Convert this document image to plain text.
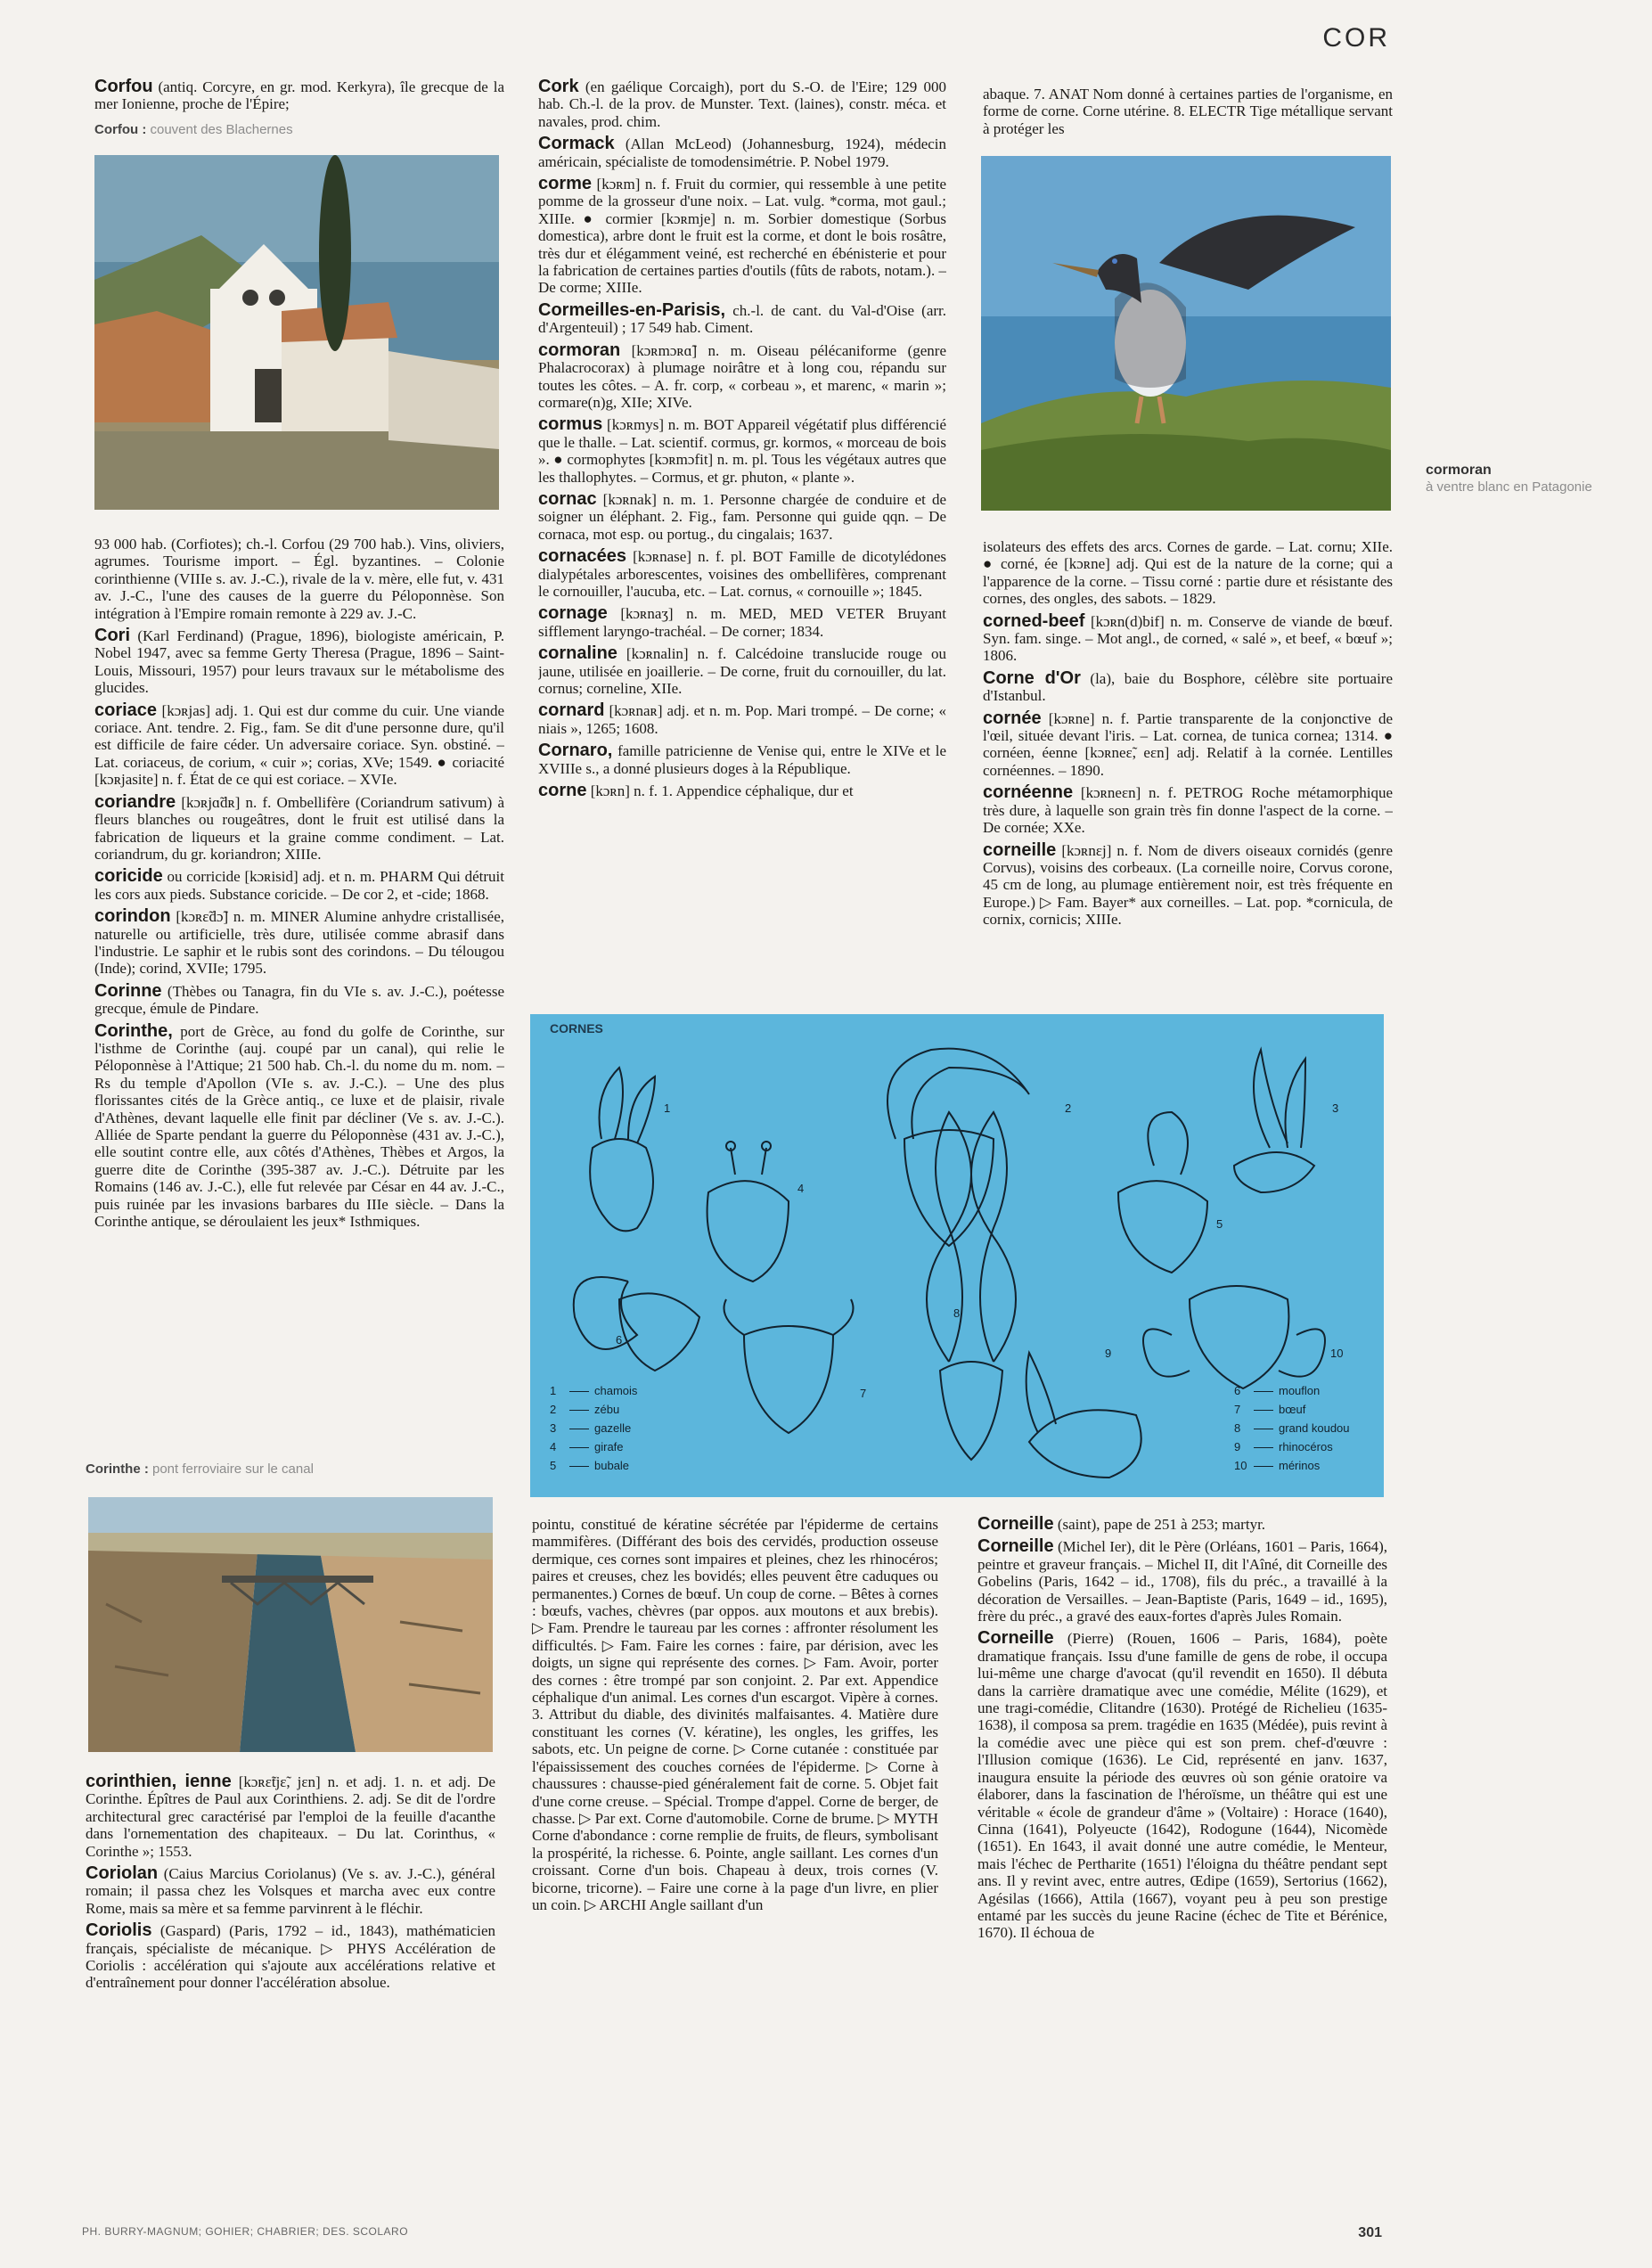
COR
Corfou (antiq. Corcyre, en gr. mod. Kerkyra), île grecque de la mer Ionienne, proche de l'Épire;
Corfou : couvent des Blachernes
93 000 hab. (Corfiotes); ch.-l. Corfou (29 700 hab.). Vins, oliviers, agrumes. Tourisme import. – Égl. byzantines. – Colonie corinthienne (VIIIe s. av. J.-C.), rivale de la v. mère, elle fut, v. 431 av. J.-C., l'une des causes de la guerre du Péloponnèse. Son intégration à l'Empire romain remonte à 229 av. J.-C.
Cori (Karl Ferdinand) (Prague, 1896), biologiste américain, P. Nobel 1947, avec sa femme Gerty Theresa (Prague, 1896 – Saint-Louis, Missouri, 1957) pour leurs travaux sur le métabolisme des glucides.
coriace [kɔʀjas] adj. 1. Qui est dur comme du cuir. Une viande coriace. Ant. tendre. 2. Fig., fam. Se dit d'une personne dure, qu'il est difficile de faire céder. Un adversaire coriace. Syn. obstiné. – Lat. coriaceus, de corium, « cuir »; corias, XVe; 1549. ● coriacité [kɔʀjasite] n. f. État de ce qui est coriace. – XVIe.
coriandre [kɔʀjɑ̃dʀ] n. f. Ombellifère (Coriandrum sativum) à fleurs blanches ou rougeâtres, dont le fruit est utilisé dans la fabrication de liqueurs et la graine comme condiment. – Lat. coriandrum, du gr. koriandron; XIIIe.
coricide ou corricide [kɔʀisid] adj. et n. m. PHARM Qui détruit les cors aux pieds. Substance coricide. – De cor 2, et -cide; 1868.
corindon [kɔʀɛ̃dɔ̃] n. m. MINER Alumine anhydre cristallisée, naturelle ou artificielle, très dure, utilisée comme abrasif dans l'industrie. Le saphir et le rubis sont des corindons. – Du télougou (Inde); corind, XVIIe; 1795.
Corinne (Thèbes ou Tanagra, fin du VIe s. av. J.-C.), poétesse grecque, émule de Pindare.
Corinthe, port de Grèce, au fond du golfe de Corinthe, sur l'isthme de Corinthe (auj. coupé par un canal), qui relie le Péloponnèse à l'Attique; 21 500 hab. Ch.-l. du nome du m. nom. – Rs du temple d'Apollon (VIe s. av. J.-C.). – Une des plus florissantes cités de la Grèce antiq., ce luxe et de plaisir, rivale d'Athènes, devant laquelle elle finit par décliner (Ve s. av. J.-C.). Alliée de Sparte pendant la guerre du Péloponnèse (431 av. J.-C.), elle soutint contre elle, aux côtés d'Athènes, Thèbes et Argos, la guerre dite de Corinthe (395-387 av. J.-C.). Détruite par les Romains (146 av. J.-C.), elle fut relevée par César en 44 av. J.-C., puis ruinée par les invasions barbares du IIIe siècle. – Dans la Corinthe antique, se déroulaient les jeux* Isthmiques.
Corinthe : pont ferroviaire sur le canal
corinthien, ienne [kɔʀɛ̃tjɛ̃, jɛn] n. et adj. 1. n. et adj. De Corinthe. Épîtres de Paul aux Corinthiens. 2. adj. Se dit de l'ordre architectural grec caractérisé par l'emploi de la feuille d'acanthe dans l'ornementation des chapiteaux. – Du lat. Corinthus, « Corinthe »; 1553.
Coriolan (Caius Marcius Coriolanus) (Ve s. av. J.-C.), général romain; il passa chez les Volsques et marcha avec eux contre Rome, mais sa mère et sa femme parvinrent à le fléchir.
Coriolis (Gaspard) (Paris, 1792 – id., 1843), mathématicien français, spécialiste de mécanique. ▷ PHYS Accélération de Coriolis : accélération qui s'ajoute aux accélérations relative et d'entraînement pour donner l'accélération absolue.
Cork (en gaélique Corcaigh), port du S.-O. de l'Eire; 129 000 hab. Ch.-l. de la prov. de Munster. Text. (laines), constr. méca. et navales, prod. chim.
Cormack (Allan McLeod) (Johannesburg, 1924), médecin américain, spécialiste de tomodensimétrie. P. Nobel 1979.
corme [kɔʀm] n. f. Fruit du cormier, qui ressemble à une petite pomme de la grosseur d'une noix. – Lat. vulg. *corma, mot gaul.; XIIIe. ● cormier [kɔʀmje] n. m. Sorbier domestique (Sorbus domestica), arbre dont le fruit est la corme, et dont le bois rosâtre, très dur et élégamment veiné, est recherché en ébénisterie et pour la fabrication de certaines parties d'outils (fûts de rabots, notam.). – De corme; XIIIe.
Cormeilles-en-Parisis, ch.-l. de cant. du Val-d'Oise (arr. d'Argenteuil) ; 17 549 hab. Ciment.
cormoran [kɔʀmɔʀɑ̃] n. m. Oiseau pélécaniforme (genre Phalacrocorax) à plumage noirâtre et à long cou, répandu sur toutes les côtes. – A. fr. corp, « corbeau », et marenc, « marin »; cormare(n)g, XIIe; XIVe.
cormus [kɔʀmys] n. m. BOT Appareil végétatif plus différencié que le thalle. – Lat. scientif. cormus, gr. kormos, « morceau de bois ». ● cormophytes [kɔʀmɔfit] n. m. pl. Tous les végétaux autres que les thallophytes. – Cormus, et gr. phuton, « plante ».
cornac [kɔʀnak] n. m. 1. Personne chargée de conduire et de soigner un éléphant. 2. Fig., fam. Personne qui guide qqn. – De cornaca, mot esp. ou portug., du cingalais; 1637.
cornacées [kɔʀnase] n. f. pl. BOT Famille de dicotylédones dialypétales arborescentes, voisines des ombellifères, comprenant le cornouiller, l'aucuba, etc. – Lat. cornus, « cornouille »; 1845.
cornage [kɔʀnaʒ] n. m. MED, MED VETER Bruyant sifflement laryngo-trachéal. – De corner; 1834.
cornaline [kɔʀnalin] n. f. Calcédoine translucide rouge ou jaune, utilisée en joaillerie. – De corne, fruit du cornouiller, du lat. cornus; corneline, XIIe.
cornard [kɔʀnaʀ] adj. et n. m. Pop. Mari trompé. – De corne; « niais », 1265; 1608.
Cornaro, famille patricienne de Venise qui, entre le XIVe et le XVIIIe s., a donné plusieurs doges à la République.
corne [kɔʀn] n. f. 1. Appendice céphalique, dur et
CORNES
1	2	3
4
5
6
7
8
9	10
1	chamois
2	zébu
3	gazelle
4	girafe
5	bubale
6	mouflon
7	bœuf
8	grand koudou
9	rhinocéros
10	mérinos
pointu, constitué de kératine sécrétée par l'épiderme de certains mammifères. (Différant des bois des cervidés, production osseuse dermique, ces cornes sont impaires et pleines, chez les rhinocéros; paires et creuses, chez les bovidés; elles peuvent être caduques ou permanentes.) Cornes de bœuf. Un coup de corne. – Bêtes à cornes : bœufs, vaches, chèvres (par oppos. aux moutons et aux brebis). ▷ Fam. Prendre le taureau par les cornes : affronter résolument les difficultés. ▷ Fam. Faire les cornes : faire, par dérision, avec les doigts, un signe qui représente des cornes. ▷ Fam. Avoir, porter des cornes : être trompé par son conjoint. 2. Par ext. Appendice céphalique d'un animal. Les cornes d'un escargot. Vipère à cornes. 3. Attribut du diable, des divinités malfaisantes. 4. Matière dure constituant les cornes (V. kératine), les ongles, les griffes, les sabots, etc. Un peigne de corne. ▷ Corne cutanée : constituée par l'épaississement des couches cornées de l'épiderme. ▷ Corne à chaussures : chausse-pied généralement fait de corne. 5. Objet fait d'une corne creuse. – Spécial. Trompe d'appel. Corne de berger, de chasse. ▷ Par ext. Corne d'automobile. Corne de brume. ▷ MYTH Corne d'abondance : corne remplie de fruits, de fleurs, symbolisant la prospérité, la richesse. 6. Pointe, angle saillant. Les cornes d'un croissant. Corne d'un bois. Chapeau à deux, trois cornes (V. bicorne, tricorne). – Faire une corne à la page d'un livre, en plier un coin. ▷ ARCHI Angle saillant d'un
abaque. 7. ANAT Nom donné à certaines parties de l'organisme, en forme de corne. Corne utérine. 8. ELECTR Tige métallique servant à protéger les
cormoran
à ventre blanc en Patagonie
isolateurs des effets des arcs. Cornes de garde. – Lat. cornu; XIIe. ● corné, ée [kɔʀne] adj. Qui est de la nature de la corne; qui a l'apparence de la corne. – Tissu corné : partie dure et résistante des cornes, des ongles, des sabots. – 1829.
corned-beef [kɔʀn(d)bif] n. m. Conserve de viande de bœuf. Syn. fam. singe. – Mot angl., de corned, « salé », et beef, « bœuf »; 1806.
Corne d'Or (la), baie du Bosphore, célèbre site portuaire d'Istanbul.
cornée [kɔʀne] n. f. Partie transparente de la conjonctive de l'œil, située devant l'iris. – Lat. cornea, de tunica cornea; 1314. ● cornéen, éenne [kɔʀneɛ̃, eɛn] adj. Relatif à la cornée. Lentilles cornéennes. – 1890.
cornéenne [kɔʀneɛn] n. f. PETROG Roche métamorphique très dure, à laquelle son grain très fin donne l'aspect de la corne. – De cornée; XXe.
corneille [kɔʀnɛj] n. f. Nom de divers oiseaux cornidés (genre Corvus), voisins des corbeaux. (La corneille noire, Corvus corone, 45 cm de long, au plumage entièrement noir, est très fréquente en Europe.) ▷ Fam. Bayer* aux corneilles. – Lat. pop. *cornicula, de cornix, cornicis; XIIIe.
Corneille (saint), pape de 251 à 253; martyr.
Corneille (Michel Ier), dit le Père (Orléans, 1601 – Paris, 1664), peintre et graveur français. – Michel II, dit l'Aîné, dit Corneille des Gobelins (Paris, 1642 – id., 1708), fils du préc., a travaillé à la décoration de Versailles. – Jean-Baptiste (Paris, 1649 – id., 1695), frère du préc., a gravé des eaux-fortes d'après Jules Romain.
Corneille (Pierre) (Rouen, 1606 – Paris, 1684), poète dramatique français. Issu d'une famille de gens de robe, il occupa lui-même une charge d'avocat (qu'il revendit en 1650). Il débuta dans la carrière dramatique avec une comédie, Mélite (1629), et une tragi-comédie, Clitandre (1630). Protégé de Richelieu (1635-1638), il composa sa prem. tragédie en 1635 (Médée), puis revint à la comédie avec une pièce qui est son prem. chef-d'œuvre : l'Illusion comique (1636). Le Cid, représenté en janv. 1637, inaugura ensuite la période des œuvres où son génie oratoire va élaborer, dans la fascination de l'héroïsme, un théâtre qui est une véritable « école de grandeur d'âme » (Voltaire) : Horace (1640), Cinna (1641), Polyeucte (1642), Rodogune (1644), Nicomède (1651). En 1643, il avait donné une autre comédie, le Menteur, mais l'échec de Pertharite (1651) l'éloigna du théâtre pendant sept ans. Il y revint avec, entre autres, Œdipe (1659), Sertorius (1662), Agésilas (1666), Attila (1667), voyant peu à peu son prestige entamé par les succès du jeune Racine (échec de Tite et Bérénice, 1670). Il échoua de
PH. BURRY-MAGNUM; GOHIER; CHABRIER; DES. SCOLARO	301
